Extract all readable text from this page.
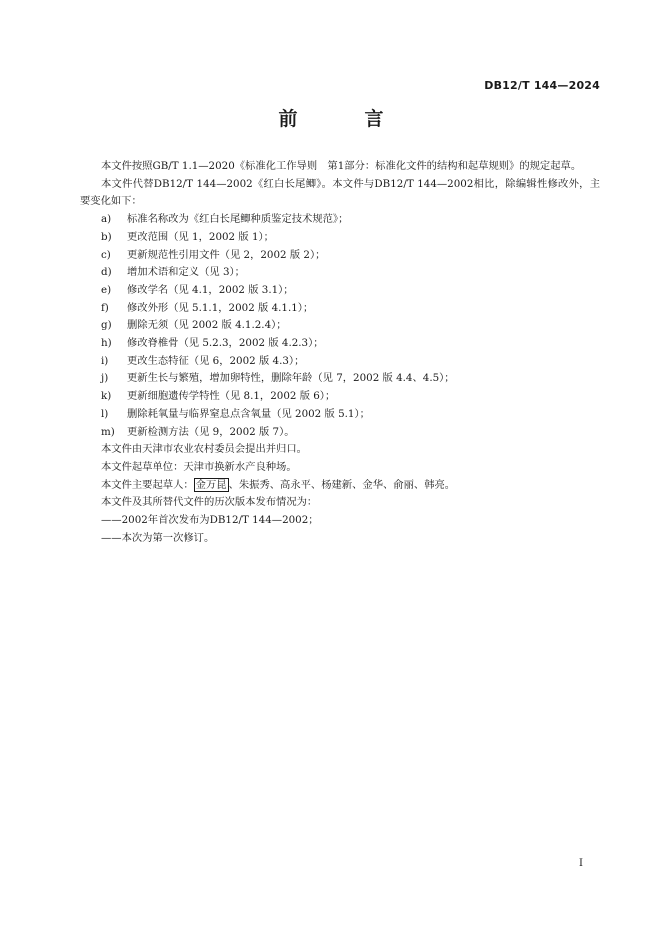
DB12/T 144—2024
前　言

本文件按照GB/T 1.1—2020《标准化工作导则　第1部分：标准化文件的结构和起草规则》的规定起草。

本文件代替DB12/T 144—2002《红白长尾鲫》。本文件与DB12/T 144—2002相比，除编辑性修改外，主要变化如下：

a) 标准名称改为《红白长尾鲫种质鉴定技术规范》；

b) 更改范围（见 1，2002 版 1）；

c) 更新规范性引用文件（见 2，2002 版 2）；

d) 增加术语和定义（见 3）；

e) 修改学名（见 4.1，2002 版 3.1）；

f) 修改外形（见 5.1.1，2002 版 4.1.1）；

g) 删除无须（见 2002 版 4.1.2.4）；

h) 修改脊椎骨（见 5.2.3，2002 版 4.2.3）；

i) 更改生态特征（见 6，2002 版 4.3）；

j) 更新生长与繁殖，增加卵特性，删除年龄（见 7，2002 版 4.4、4.5）；

k) 更新细胞遗传学特性（见 8.1，2002 版 6）；

l) 删除耗氧量与临界窒息点含氧量（见 2002 版 5.1）；

m) 更新检测方法（见 9，2002 版 7）。

本文件由天津市农业农村委员会提出并归口。

本文件起草单位：天津市换新水产良种场。

本文件主要起草人： 金万昆 、朱振秀、高永平、杨建新、金华、俞丽、韩亮。

本文件及其所替代文件的历次版本发布情况为：

——2002年首次发布为DB12/T 144—2002；

——本次为第一次修订。

I
